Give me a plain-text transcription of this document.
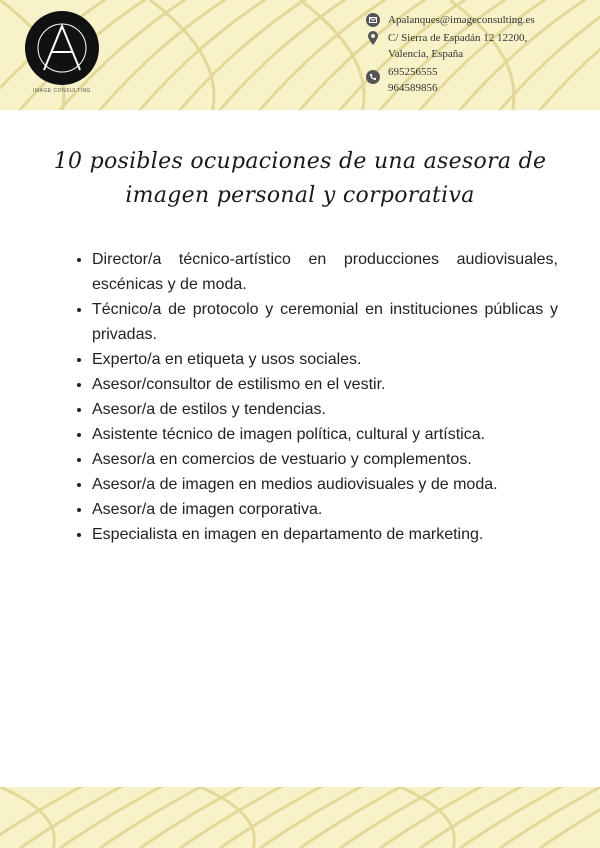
IMAGE CONSULTING
Apalanques@imageconsulting.es
C/ Sierra de Espadán 12 12200,
Valencia, España
695256555
964589856
10 posibles ocupaciones de una asesora de imagen personal y corporativa
• Director/a técnico-artístico en producciones audiovisuales, escénicas y de moda.
• Técnico/a de protocolo y ceremonial en instituciones públicas y privadas.
• Experto/a en etiqueta y usos sociales.
• Asesor/consultor de estilismo en el vestir.
• Asesor/a de estilos y tendencias.
• Asistente técnico de imagen política, cultural y artística.
• Asesor/a en comercios de vestuario y complementos.
• Asesor/a de imagen en medios audiovisuales y de moda.
• Asesor/a de imagen corporativa.
• Especialista en imagen en departamento de marketing.
